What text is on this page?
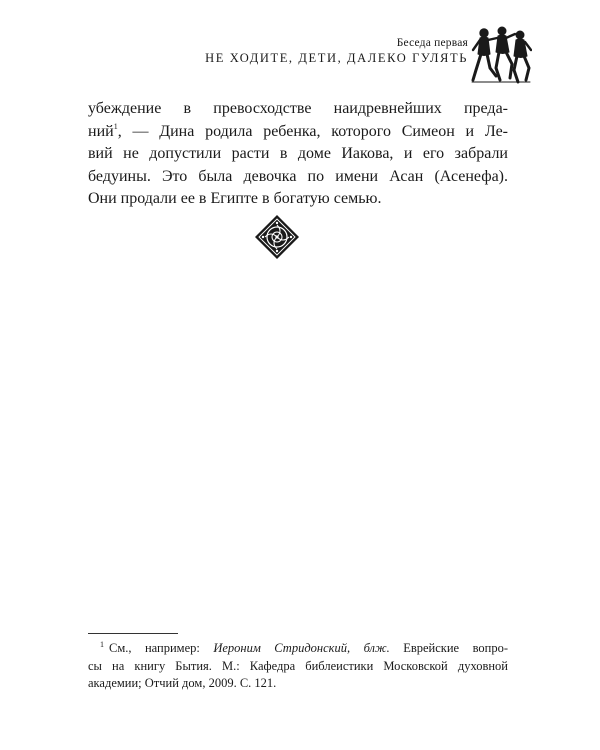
Беседа первая
НЕ ХОДИТЕ, ДЕТИ, ДАЛЕКО ГУЛЯТЬ
убеждение в превосходстве наидревнейших преда-
ний$^1$, — Дина родила ребенка, которого Симеон и Ле-
вий не допустили расти в доме Иакова, и его забрали
бедуины. Это была девочка по имени Асан (Асенефа).
Они продали ее в Египте в богатую семью.
$^1$ См., например: Иероним Стридонский, блж. Еврейские вопро-
сы на книгу Бытия. М.: Кафедра библеистики Московской духовной
академии; Отчий дом, 2009. С. 121.
